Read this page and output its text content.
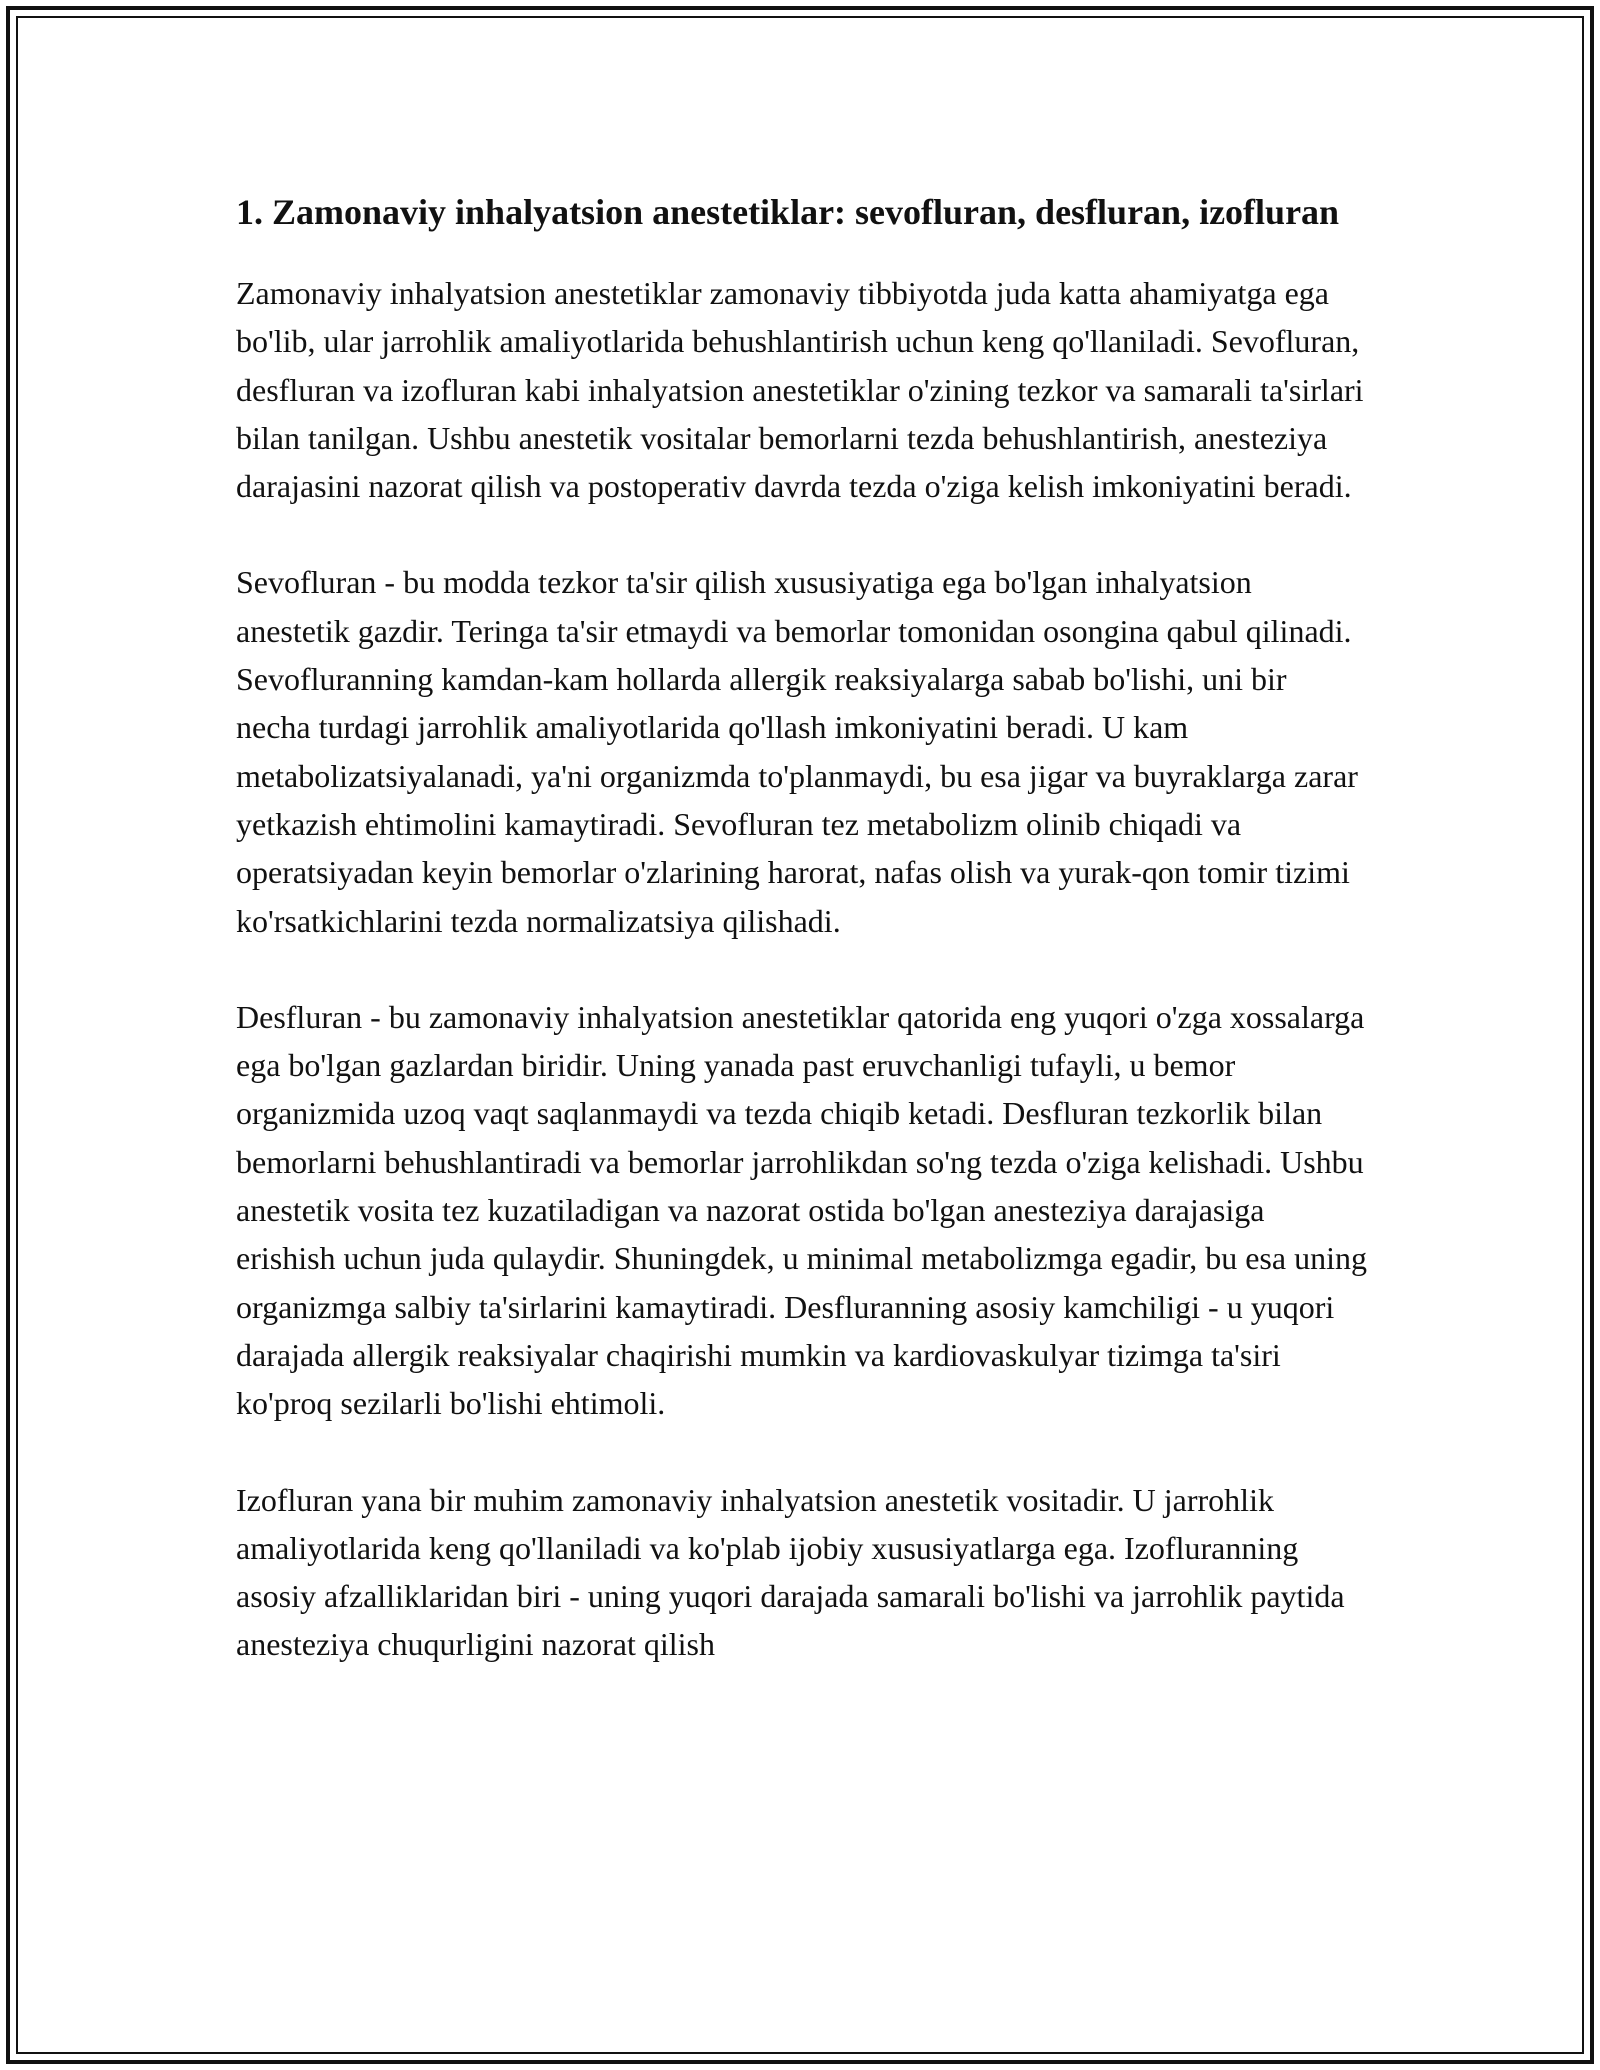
1. Zamonaviy inhalyatsion anestetiklar: sevofluran, desfluran, izofluran

Zamonaviy inhalyatsion anestetiklar zamonaviy tibbiyotda juda katta ahamiyatga ega bo'lib, ular jarrohlik amaliyotlarida behushlantirish uchun keng qo'llaniladi. Sevofluran, desfluran va izofluran kabi inhalyatsion anestetiklar o'zining tezkor va samarali ta'sirlari bilan tanilgan. Ushbu anestetik vositalar bemorlarni tezda behushlantirish, anesteziya darajasini nazorat qilish va postoperativ davrda tezda o'ziga kelish imkoniyatini beradi.

Sevofluran - bu modda tezkor ta'sir qilish xususiyatiga ega bo'lgan inhalyatsion anestetik gazdir. Teringa ta'sir etmaydi va bemorlar tomonidan osongina qabul qilinadi. Sevofluranning kamdan-kam hollarda allergik reaksiyalarga sabab bo'lishi, uni bir necha turdagi jarrohlik amaliyotlarida qo'llash imkoniyatini beradi. U kam metabolizatsiyalanadi, ya'ni organizmda to'planmaydi, bu esa jigar va buyraklarga zarar yetkazish ehtimolini kamaytiradi. Sevofluran tez metabolizm olinib chiqadi va operatsiyadan keyin bemorlar o'zlarining harorat, nafas olish va yurak-qon tomir tizimi ko'rsatkichlarini tezda normalizatsiya qilishadi.

Desfluran - bu zamonaviy inhalyatsion anestetiklar qatorida eng yuqori o'zga xossalarga ega bo'lgan gazlardan biridir. Uning yanada past eruvchanligi tufayli, u bemor organizmida uzoq vaqt saqlanmaydi va tezda chiqib ketadi. Desfluran tezkorlik bilan bemorlarni behushlantiradi va bemorlar jarrohlikdan so'ng tezda o'ziga kelishadi. Ushbu anestetik vosita tez kuzatiladigan va nazorat ostida bo'lgan anesteziya darajasiga erishish uchun juda qulaydir. Shuningdek, u minimal metabolizmga egadir, bu esa uning organizmga salbiy ta'sirlarini kamaytiradi. Desfluranning asosiy kamchiligi - u yuqori darajada allergik reaksiyalar chaqirishi mumkin va kardiovaskulyar tizimga ta'siri ko'proq sezilarli bo'lishi ehtimoli.

Izofluran yana bir muhim zamonaviy inhalyatsion anestetik vositadir. U jarrohlik amaliyotlarida keng qo'llaniladi va ko'plab ijobiy xususiyatlarga ega. Izofluranning asosiy afzalliklaridan biri - uning yuqori darajada samarali bo'lishi va jarrohlik paytida anesteziya chuqurligini nazorat qilish
